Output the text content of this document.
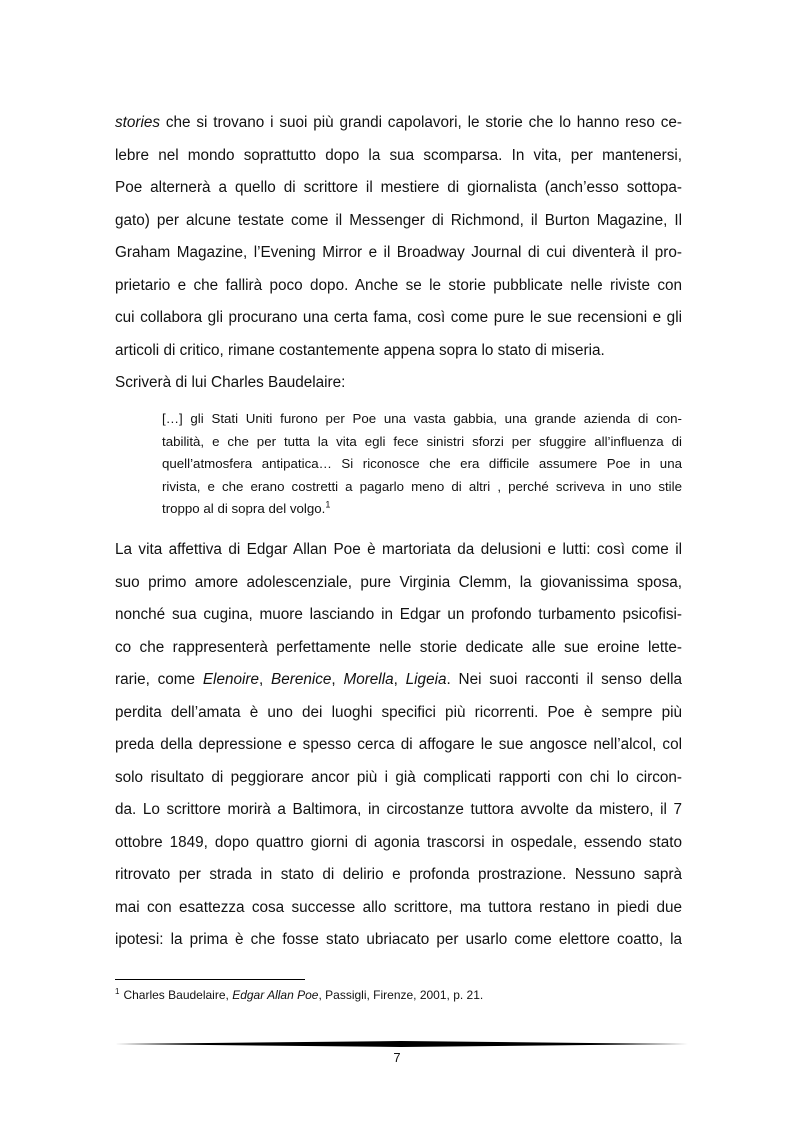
stories che si trovano i suoi più grandi capolavori, le storie che lo hanno reso ce-
lebre nel mondo soprattutto dopo la sua scomparsa. In vita, per mantenersi,
Poe alternerà a quello di scrittore il mestiere di giornalista (anch’esso sottopa-
gato) per alcune testate come il Messenger di Richmond, il Burton Magazine, Il
Graham Magazine, l’Evening Mirror e il Broadway Journal di cui diventerà il pro-
prietario e che fallirà poco dopo. Anche se le storie pubblicate nelle riviste con
cui collabora gli procurano una certa fama, così come pure le sue recensioni e gli
articoli di critico, rimane costantemente appena sopra lo stato di miseria.
Scriverà di lui Charles Baudelaire:
[…] gli Stati Uniti furono per Poe una vasta gabbia, una grande azienda di con-
tabilità, e che per tutta la vita egli fece sinistri sforzi per sfuggire all’influenza di
quell’atmosfera antipatica… Si riconosce che era difficile assumere Poe in una
rivista, e che erano costretti a pagarlo meno di altri , perché scriveva in uno stile
troppo al di sopra del volgo.$^1$
La vita affettiva di Edgar Allan Poe è martoriata da delusioni e lutti: così come il
suo primo amore adolescenziale, pure Virginia Clemm, la giovanissima sposa,
nonché sua cugina, muore lasciando in Edgar un profondo turbamento psicofisi-
co che rappresenterà perfettamente nelle storie dedicate alle sue eroine lette-
rarie, come Elenoire, Berenice, Morella, Ligeia. Nei suoi racconti il senso della
perdita dell’amata è uno dei luoghi specifici più ricorrenti. Poe è sempre più
preda della depressione e spesso cerca di affogare le sue angosce nell’alcol, col
solo risultato di peggiorare ancor più i già complicati rapporti con chi lo circon-
da. Lo scrittore morirà a Baltimora, in circostanze tuttora avvolte da mistero, il 7
ottobre 1849, dopo quattro giorni di agonia trascorsi in ospedale, essendo stato
ritrovato per strada in stato di delirio e profonda prostrazione. Nessuno saprà
mai con esattezza cosa successe allo scrittore, ma tuttora restano in piedi due
ipotesi: la prima è che fosse stato ubriacato per usarlo come elettore coatto, la
$^1$ Charles Baudelaire, Edgar Allan Poe, Passigli, Firenze, 2001, p. 21.
7
